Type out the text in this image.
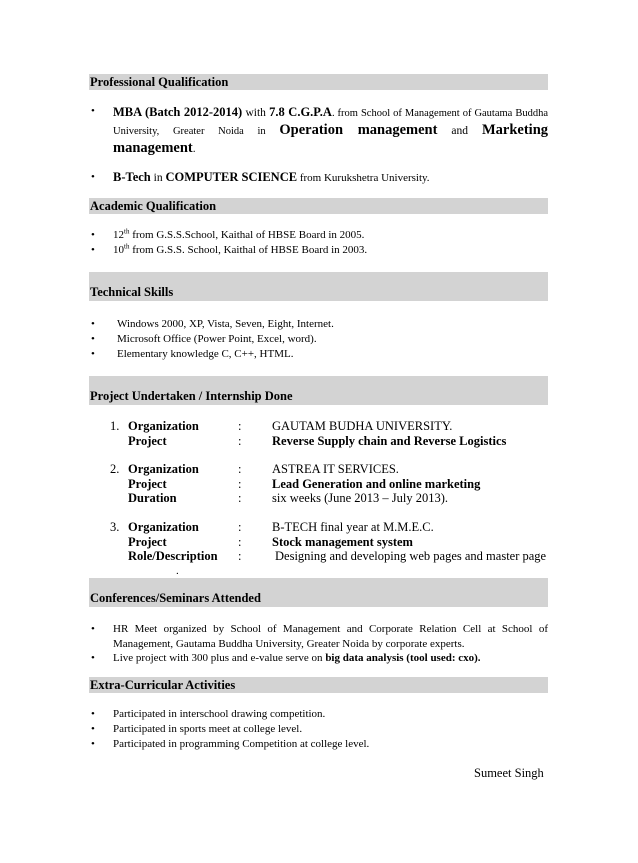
Professional Qualification
• MBA (Batch 2012-2014) with 7.8 C.G.P.A. from School of Management of Gautama Buddha University, Greater Noida in Operation management and Marketing management.
• B-Tech in COMPUTER SCIENCE from Kurukshetra University.
Academic Qualification
• 12th from G.S.S.School, Kaithal of HBSE Board in 2005.
• 10th from G.S.S. School, Kaithal of HBSE Board in 2003.
Technical Skills
• Windows 2000, XP, Vista, Seven, Eight, Internet.
• Microsoft Office (Power Point, Excel, word).
• Elementary knowledge C, C++, HTML.
Project Undertaken / Internship Done
1. Organization	: GAUTAM BUDHA UNIVERSITY.
Project	: Reverse Supply chain and Reverse Logistics
2. Organization	: ASTREA IT SERVICES.
Project	: Lead Generation and online marketing
Duration	: six weeks (June 2013 – July 2013).
3. Organization	: B-TECH final year at M.M.E.C.
Project	: Stock management system
Role/Description :	Designing and developing web pages and master page
.
Conferences/Seminars Attended
• HR Meet organized by School of Management and Corporate Relation Cell at School of Management, Gautama Buddha University, Greater Noida by corporate experts.
• Live project with 300 plus and e-value serve on big data analysis (tool used: cxo).
Extra-Curricular Activities
• Participated in interschool drawing competition.
• Participated in sports meet at college level.
• Participated in programming Competition at college level.
Sumeet Singh
